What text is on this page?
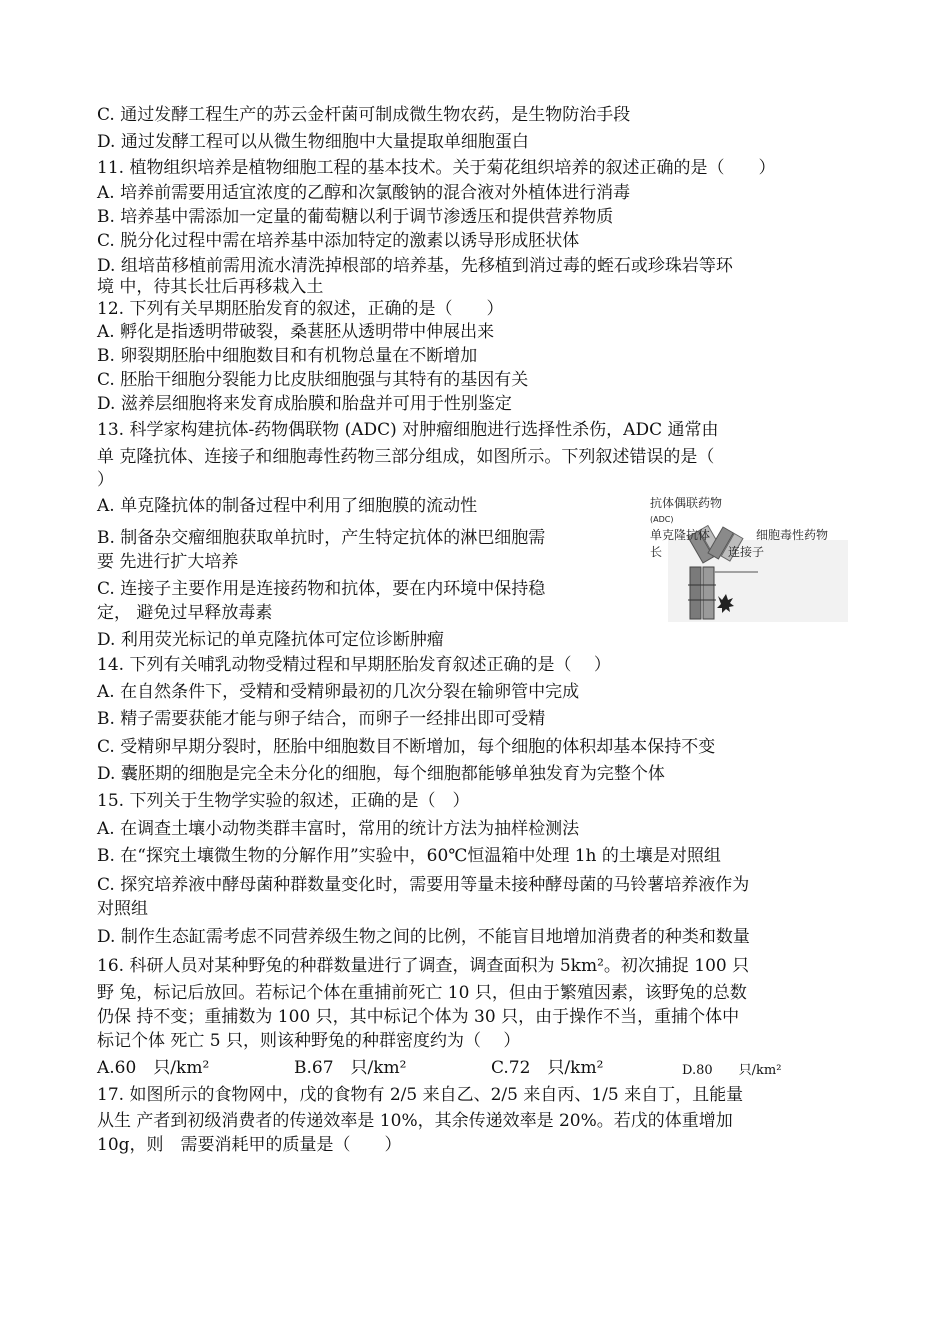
C. 通过发酵工程生产的苏云金杆菌可制成微生物农药，是生物防治手段
D. 通过发酵工程可以从微生物细胞中大量提取单细胞蛋白
11. 植物组织培养是植物细胞工程的基本技术。关于菊花组织培养的叙述正确的是（　　）
A. 培养前需要用适宜浓度的乙醇和次氯酸钠的混合液对外植体进行消毒
B. 培养基中需添加一定量的葡萄糖以利于调节渗透压和提供营养物质
C. 脱分化过程中需在培养基中添加特定的激素以诱导形成胚状体
D. 组培苗移植前需用流水清洗掉根部的培养基，先移植到消过毒的蛭石或珍珠岩等环
境 中，待其长壮后再移栽入土
12. 下列有关早期胚胎发育的叙述，正确的是（　　）
A. 孵化是指透明带破裂，桑葚胚从透明带中伸展出来
B. 卵裂期胚胎中细胞数目和有机物总量在不断增加
C. 胚胎干细胞分裂能力比皮肤细胞强与其特有的基因有关
D. 滋养层细胞将来发育成胎膜和胎盘并可用于性别鉴定
13. 科学家构建抗体-药物偶联物 (ADC) 对肿瘤细胞进行选择性杀伤，ADC 通常由
单 克隆抗体、连接子和细胞毒性药物三部分组成，如图所示。下列叙述错误的是（
）
A. 单克隆抗体的制备过程中利用了细胞膜的流动性
B. 制备杂交瘤细胞获取单抗时，产生特定抗体的淋巴细胞需
要 先进行扩大培养
C. 连接子主要作用是连接药物和抗体，要在内环境中保持稳
定， 避免过早释放毒素
D. 利用荧光标记的单克隆抗体可定位诊断肿瘤
抗体偶联药物
(ADC)
单克隆抗体	细胞毒性药物
长	连接子
14. 下列有关哺乳动物受精过程和早期胚胎发育叙述正确的是（　 ）
A. 在自然条件下，受精和受精卵最初的几次分裂在输卵管中完成
B. 精子需要获能才能与卵子结合，而卵子一经排出即可受精
C. 受精卵早期分裂时，胚胎中细胞数目不断增加，每个细胞的体积却基本保持不变
D. 囊胚期的细胞是完全未分化的细胞，每个细胞都能够单独发育为完整个体
15. 下列关于生物学实验的叙述，正确的是（　）
A. 在调查土壤小动物类群丰富时，常用的统计方法为抽样检测法
B. 在“探究土壤微生物的分解作用”实验中，60℃恒温箱中处理 1h 的土壤是对照组
C. 探究培养液中酵母菌种群数量变化时，需要用等量未接种酵母菌的马铃薯培养液作为
对照组
D. 制作生态缸需考虑不同营养级生物之间的比例，不能盲目地增加消费者的种类和数量
16. 科研人员对某种野兔的种群数量进行了调查，调查面积为 5km²。初次捕捉 100 只
野 兔，标记后放回。若标记个体在重捕前死亡 10 只，但由于繁殖因素，该野兔的总数
仍保 持不变；重捕数为 100 只，其中标记个体为 30 只，由于操作不当，重捕个体中
标记个体 死亡 5 只，则该种野兔的种群密度约为（　 ）
A.60　只/km²	B.67　只/km²	C.72　只/km²	D.80　　只/km²
17. 如图所示的食物网中，戊的食物有 2/5 来自乙、2/5 来自丙、1/5 来自丁，且能量
从生 产者到初级消费者的传递效率是 10%，其余传递效率是 20%。若戊的体重增加
10g，则　需要消耗甲的质量是（　　）
